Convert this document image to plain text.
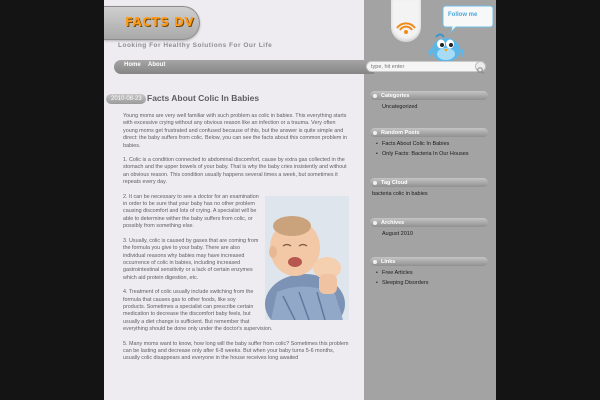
FACTS DV
Looking For Healthy Solutions For Our Life
2010-08-23 Facts About Colic In Babies

Young moms are very well familiar with such problem as colic in babies. This everything starts with excessive crying without any obvious reason like an infection or a trauma. Very often young moms get frustrated and confused because of this, but the answer is quite simple and direct: the baby suffers from colic. Below, you can see the facts about this common problem in babies.

1. Colic is a condition connected to abdominal discomfort, cause by extra gas collected in the stomach and the upper bowels of your baby. That is why the baby cries insistently and without an obvious reason. This condition usually happens several times a week, but sometimes it repeats every day.

2. It can be necessary to see a doctor for an examination in order to be sure that your baby has no other problem causing discomfort and lots of crying. A specialist will be able to determine wither the baby suffers from colic, or possibly from something else.

3. Usually, colic is caused by gases that are coming from the formula you give to your baby. There are also individual reasons why babies may have increased occurrence of colic in babies, including increased gastrointestinal sensitivity or a lack of certain enzymes which aid protein digestion, etc.

4. Treatment of colic usually include switching from the formula that causes gas to other foods, like soy products. Sometimes a specialist can prescribe certain medication to decrease the discomfort baby feels, but usually a diet change is sufficient. But remember that everything should be done only under the doctor's supervision.

5. Many moms want to know, how long will the baby suffer from colic? Sometimes this problem can be lasting and decrease only after 6-8 weeks. But when your baby turns 5-6 months, usually colic disappears and everyone in the house receives long awaited

Home About
Follow me
type, hit enter
Categories
Uncategorized
Random Posts
• Facts About Colic In Babies
• Only Facts: Bacteria In Our Houses
Tag Cloud
bacteria colic in babies
Archives
August 2010
Links
• Free Articles
• Sleeping Disorders
